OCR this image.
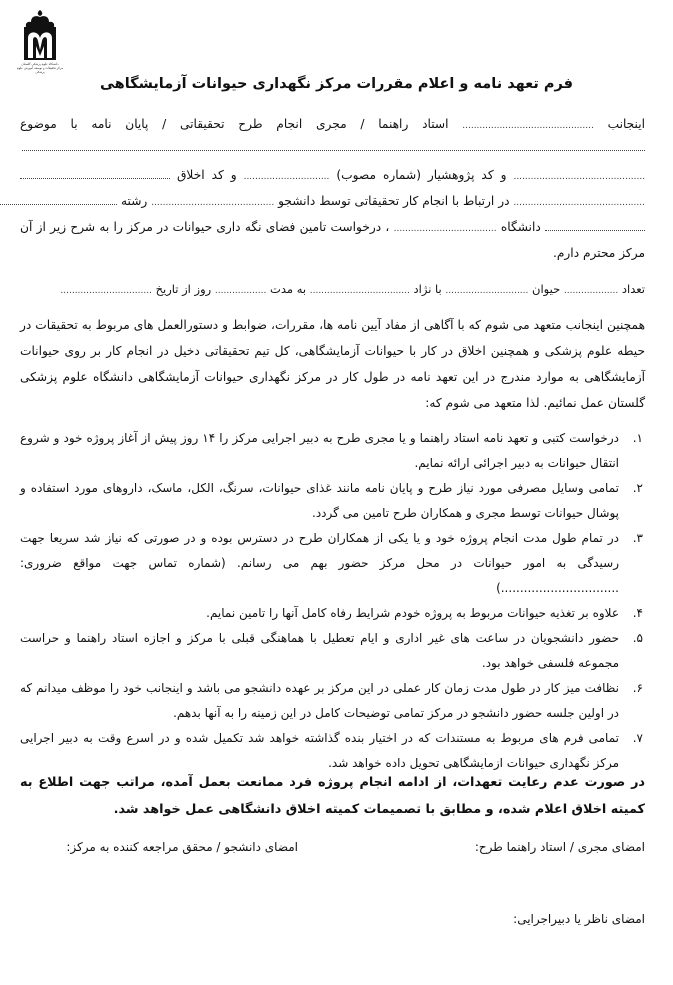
دانشگاه علوم پزشکی گلستان
مرکز تحقیقات و توسعه آموزش علوم پزشکی
فرم تعهد نامه و اعلام مقررات مرکز نگهداری حیوانات آزمایشگاهی
اینجانب .............................................. استاد راهنما / مجری انجام طرح تحقیقاتی / پایان نامه با موضوع
.............................................. و کد پژوهشیار (شماره مصوب) .............................. و کد اخلاق
.............................................. در ارتباط با انجام کار تحقیقاتی توسط دانشجو ........................................... رشته
دانشگاه .................................... ، درخواست تامین فضای نگه داری حیوانات در مرکز را به شرح زیر از آن
مرکز محترم دارم.
تعداد ................... حیوان ............................. با نژاد ................................... به مدت .................. روز از تاریخ ................................
همچنین اینجانب متعهد می شوم که با آگاهی از مفاد آیین نامه ها، مقررات، ضوابط و دستورالعمل های مربوط به تحقیقات در حیطه علوم پزشکی و همچنین اخلاق در کار با حیوانات آزمایشگاهی، کل تیم تحقیقاتی دخیل در انجام کار بر روی حیوانات آزمایشگاهی به موارد مندرج در این تعهد نامه در طول کار در مرکز نگهداری حیوانات آزمایشگاهی دانشگاه علوم پزشکی گلستان عمل نمائیم. لذا متعهد می شوم که:
۱.
درخواست کتبی و تعهد نامه استاد راهنما و یا مجری طرح به دبیر اجرایی مرکز را ۱۴ روز پیش از آغاز پروژه خود و شروع انتقال حیوانات به دبیر اجرائی ارائه نمایم.
۲.
تمامی وسایل مصرفی مورد نیاز طرح و پایان نامه مانند غذای حیوانات، سرنگ، الکل، ماسک، داروهای مورد استفاده و پوشال حیوانات توسط مجری و همکاران طرح تامین می گردد.
۳.
در تمام طول مدت انجام پروژه خود و یا یکی از همکاران طرح در دسترس بوده و در صورتی که نیاز شد سریعا جهت رسیدگی به امور حیوانات در محل مرکز حضور بهم می رسانم. (شماره تماس جهت مواقع ضروری: ...............................)
۴.
علاوه بر تغذیه حیوانات مربوط به پروژه خودم شرایط رفاه کامل آنها را تامین نمایم.
۵.
حضور دانشجویان در ساعت های غیر اداری و ایام تعطیل با هماهنگی قبلی با مرکز و اجازه استاد راهنما و حراست مجموعه فلسفی خواهد بود.
۶.
نظافت میز کار در طول مدت زمان کار عملی در این مرکز بر عهده دانشجو می باشد و اینجانب خود را موظف میدانم که در اولین جلسه حضور دانشجو در مرکز تمامی توضیحات کامل در این زمینه را به آنها بدهم.
۷.
تمامی فرم های مربوط به مستندات که در اختیار بنده گذاشته خواهد شد تکمیل شده و در اسرع وقت به دبیر اجرایی مرکز نگهداری حیوانات ازمایشگاهی تحویل داده خواهد شد.
در صورت عدم رعایت تعهدات، از ادامه انجام پروژه فرد ممانعت بعمل آمده، مراتب جهت اطلاع به کمیته اخلاق اعلام شده، و مطابق با تصمیمات کمیته اخلاق دانشگاهی عمل خواهد شد.
امضای مجری / استاد راهنما طرح:
امضای دانشجو / محقق مراجعه کننده به مرکز:
امضای ناظر یا دبیراجرایی:
